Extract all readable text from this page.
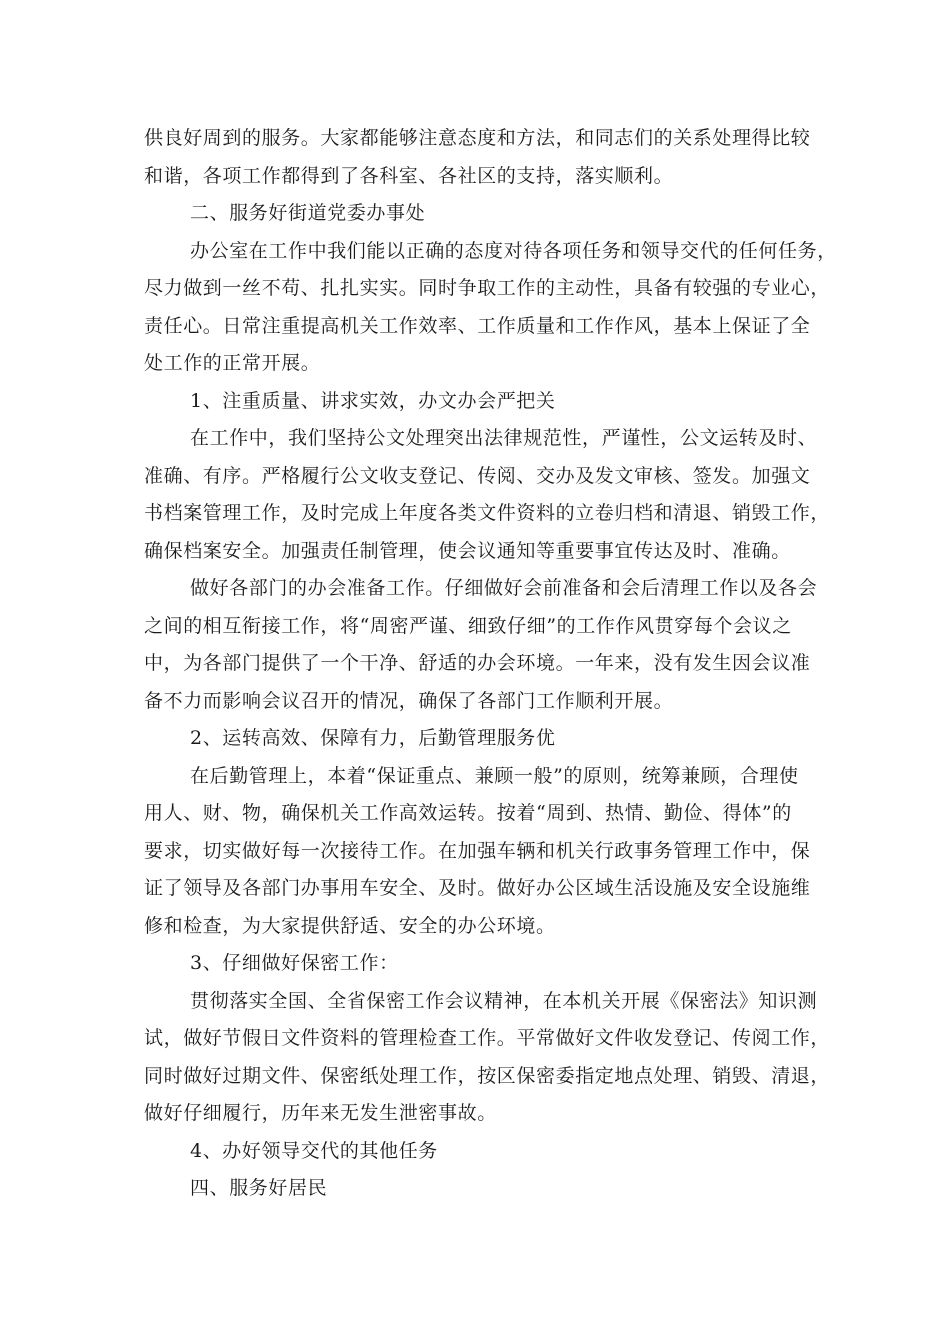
供良好周到的服务。大家都能够注意态度和方法，和同志们的关系处理得比较
和谐，各项工作都得到了各科室、各社区的支持，落实顺利。
二、服务好街道党委办事处
办公室在工作中我们能以正确的态度对待各项任务和领导交代的任何任务，
尽力做到一丝不苟、扎扎实实。同时争取工作的主动性，具备有较强的专业心，
责任心。日常注重提高机关工作效率、工作质量和工作作风，基本上保证了全
处工作的正常开展。
1、注重质量、讲求实效，办文办会严把关
在工作中，我们坚持公文处理突出法律规范性，严谨性，公文运转及时、
准确、有序。严格履行公文收支登记、传阅、交办及发文审核、签发。加强文
书档案管理工作，及时完成上年度各类文件资料的立卷归档和清退、销毁工作，
确保档案安全。加强责任制管理，使会议通知等重要事宜传达及时、准确。
做好各部门的办会准备工作。仔细做好会前准备和会后清理工作以及各会
之间的相互衔接工作，将“周密严谨、细致仔细”的工作作风贯穿每个会议之
中，为各部门提供了一个干净、舒适的办会环境。一年来，没有发生因会议准
备不力而影响会议召开的情况，确保了各部门工作顺利开展。
2、运转高效、保障有力，后勤管理服务优
在后勤管理上，本着“保证重点、兼顾一般”的原则，统筹兼顾，合理使
用人、财、物，确保机关工作高效运转。按着“周到、热情、勤俭、得体”的
要求，切实做好每一次接待工作。在加强车辆和机关行政事务管理工作中，保
证了领导及各部门办事用车安全、及时。做好办公区域生活设施及安全设施维
修和检查，为大家提供舒适、安全的办公环境。
3、仔细做好保密工作：
贯彻落实全国、全省保密工作会议精神，在本机关开展《保密法》知识测
试，做好节假日文件资料的管理检查工作。平常做好文件收发登记、传阅工作，
同时做好过期文件、保密纸处理工作，按区保密委指定地点处理、销毁、清退，
做好仔细履行，历年来无发生泄密事故。
4、办好领导交代的其他任务
四、服务好居民
